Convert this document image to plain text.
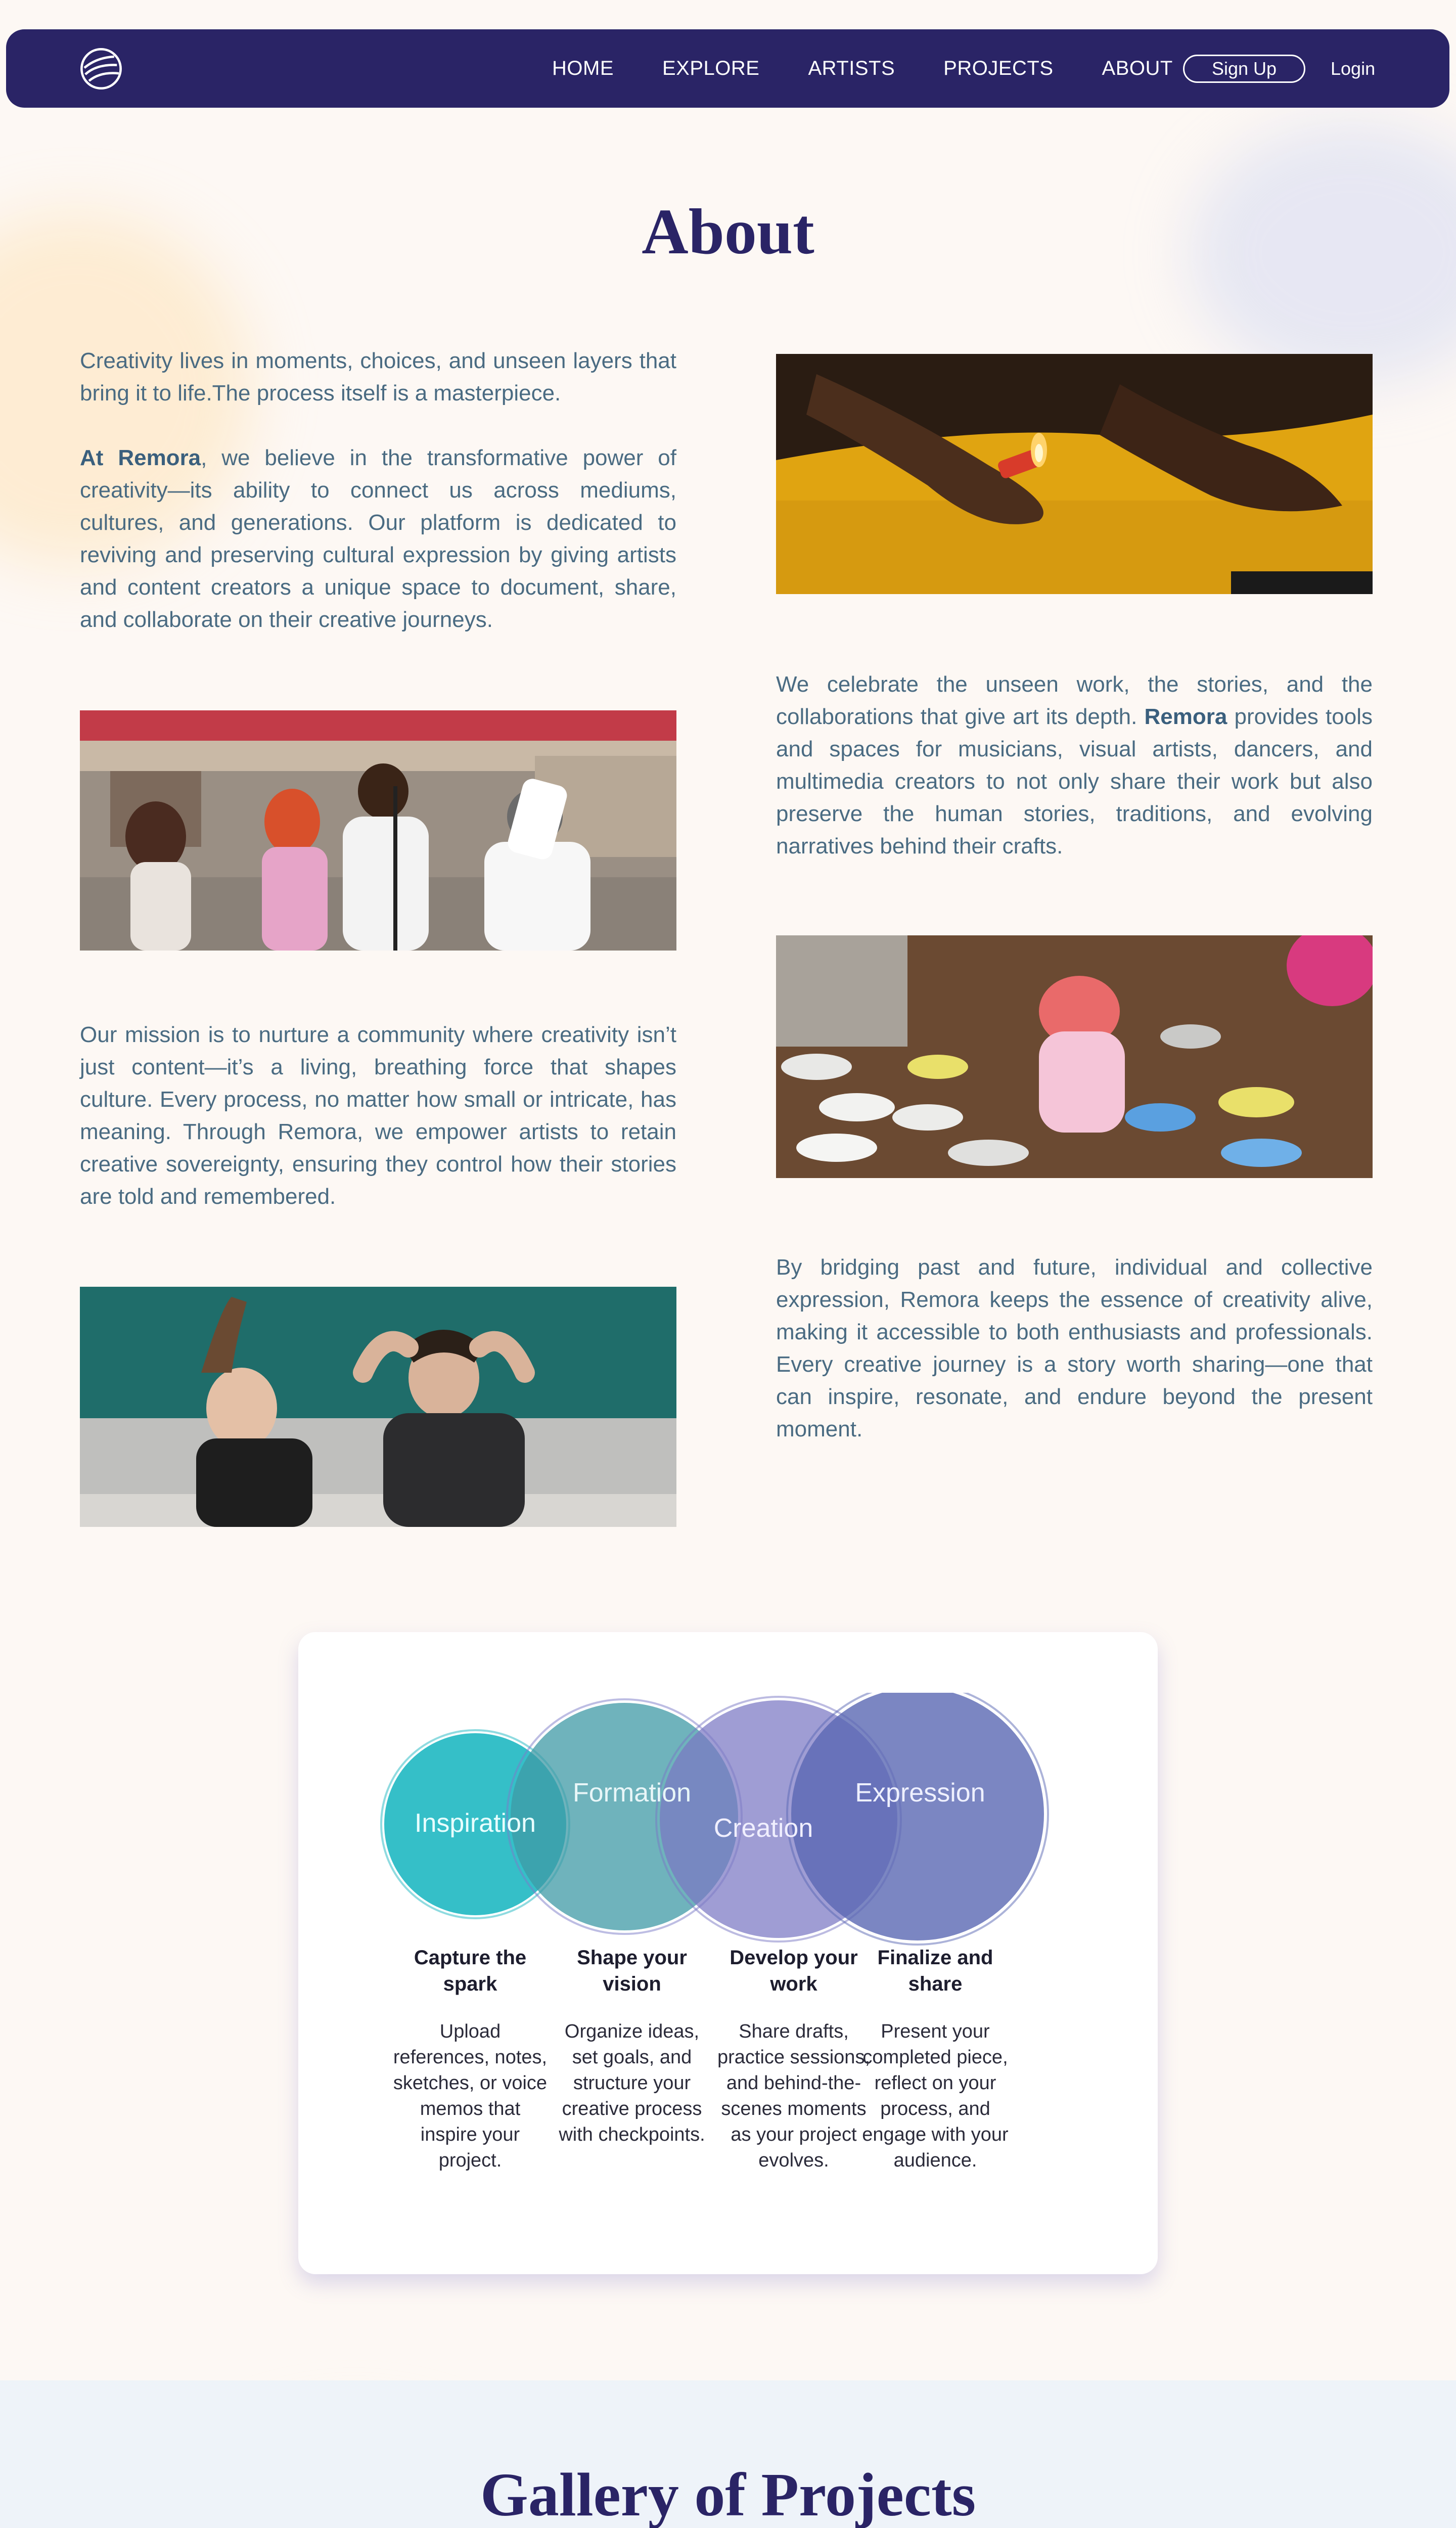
HOME EXPLORE ARTISTS PROJECTS ABOUT	Sign Up	Login
About

Creativity lives in moments, choices, and unseen layers that bring it to life.The process itself is a masterpiece.

At Remora, we believe in the transformative power of creativity—its ability to connect us across mediums, cultures, and generations. Our platform is dedicated to reviving and preserving cultural expression by giving artists and content creators a unique space to document, share, and collaborate on their creative journeys.

We celebrate the unseen work, the stories, and the collaborations that give art its depth. Remora provides tools and spaces for musicians, visual artists, dancers, and multimedia creators to not only share their work but also preserve the human stories, traditions, and evolving narratives behind their crafts.

Our mission is to nurture a community where creativity isn’t just content—it’s a living, breathing force that shapes culture. Every process, no matter how small or intricate, has meaning. Through Remora, we empower artists to retain creative sovereignty, ensuring they control how their stories are told and remembered.

By bridging past and future, individual and collective expression, Remora keeps the essence of creativity alive, making it accessible to both enthusiasts and professionals. Every creative journey is a story worth sharing—one that can inspire, resonate, and endure beyond the present moment.

Inspiration
Formation
Creation
Expression
Capture the spark
Upload references, notes, sketches, or voice memos that inspire your project.
Shape your vision
Organize ideas, set goals, and structure your creative process with checkpoints.
Develop your work
Share drafts, practice sessions, and behind-the-scenes moments as your project evolves.
Finalize and share
Present your completed piece, reflect on your process, and engage with your audience.
Gallery of Projects
